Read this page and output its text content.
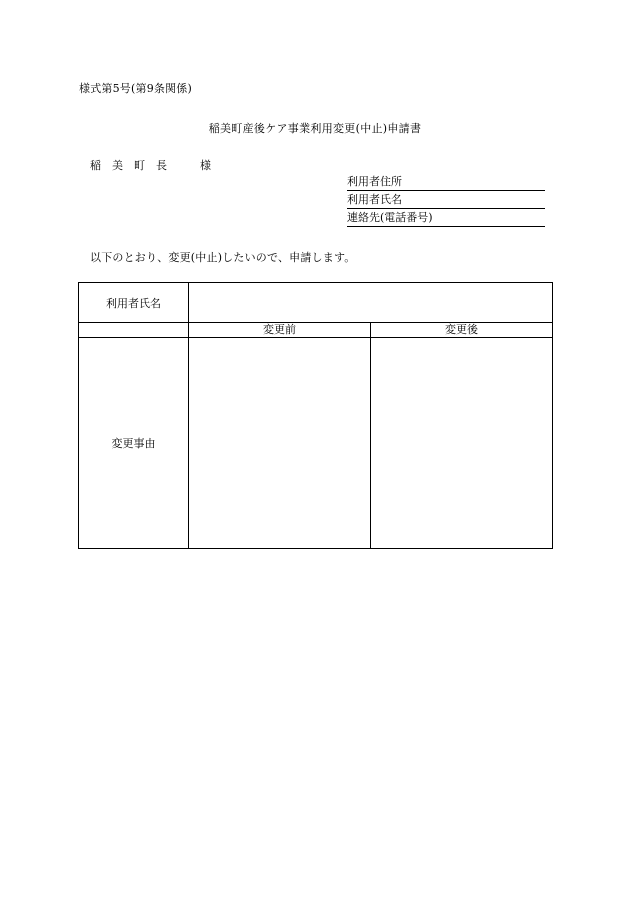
様式第5号(第9条関係)
稲美町産後ケア事業利用変更(中止)申請書
稲　美　町　長　　　様
利用者住所
利用者氏名
連絡先(電話番号)
以下のとおり、変更(中止)したいので、申請します。
利用者氏名		
	変更前	変更後
変更事由		
